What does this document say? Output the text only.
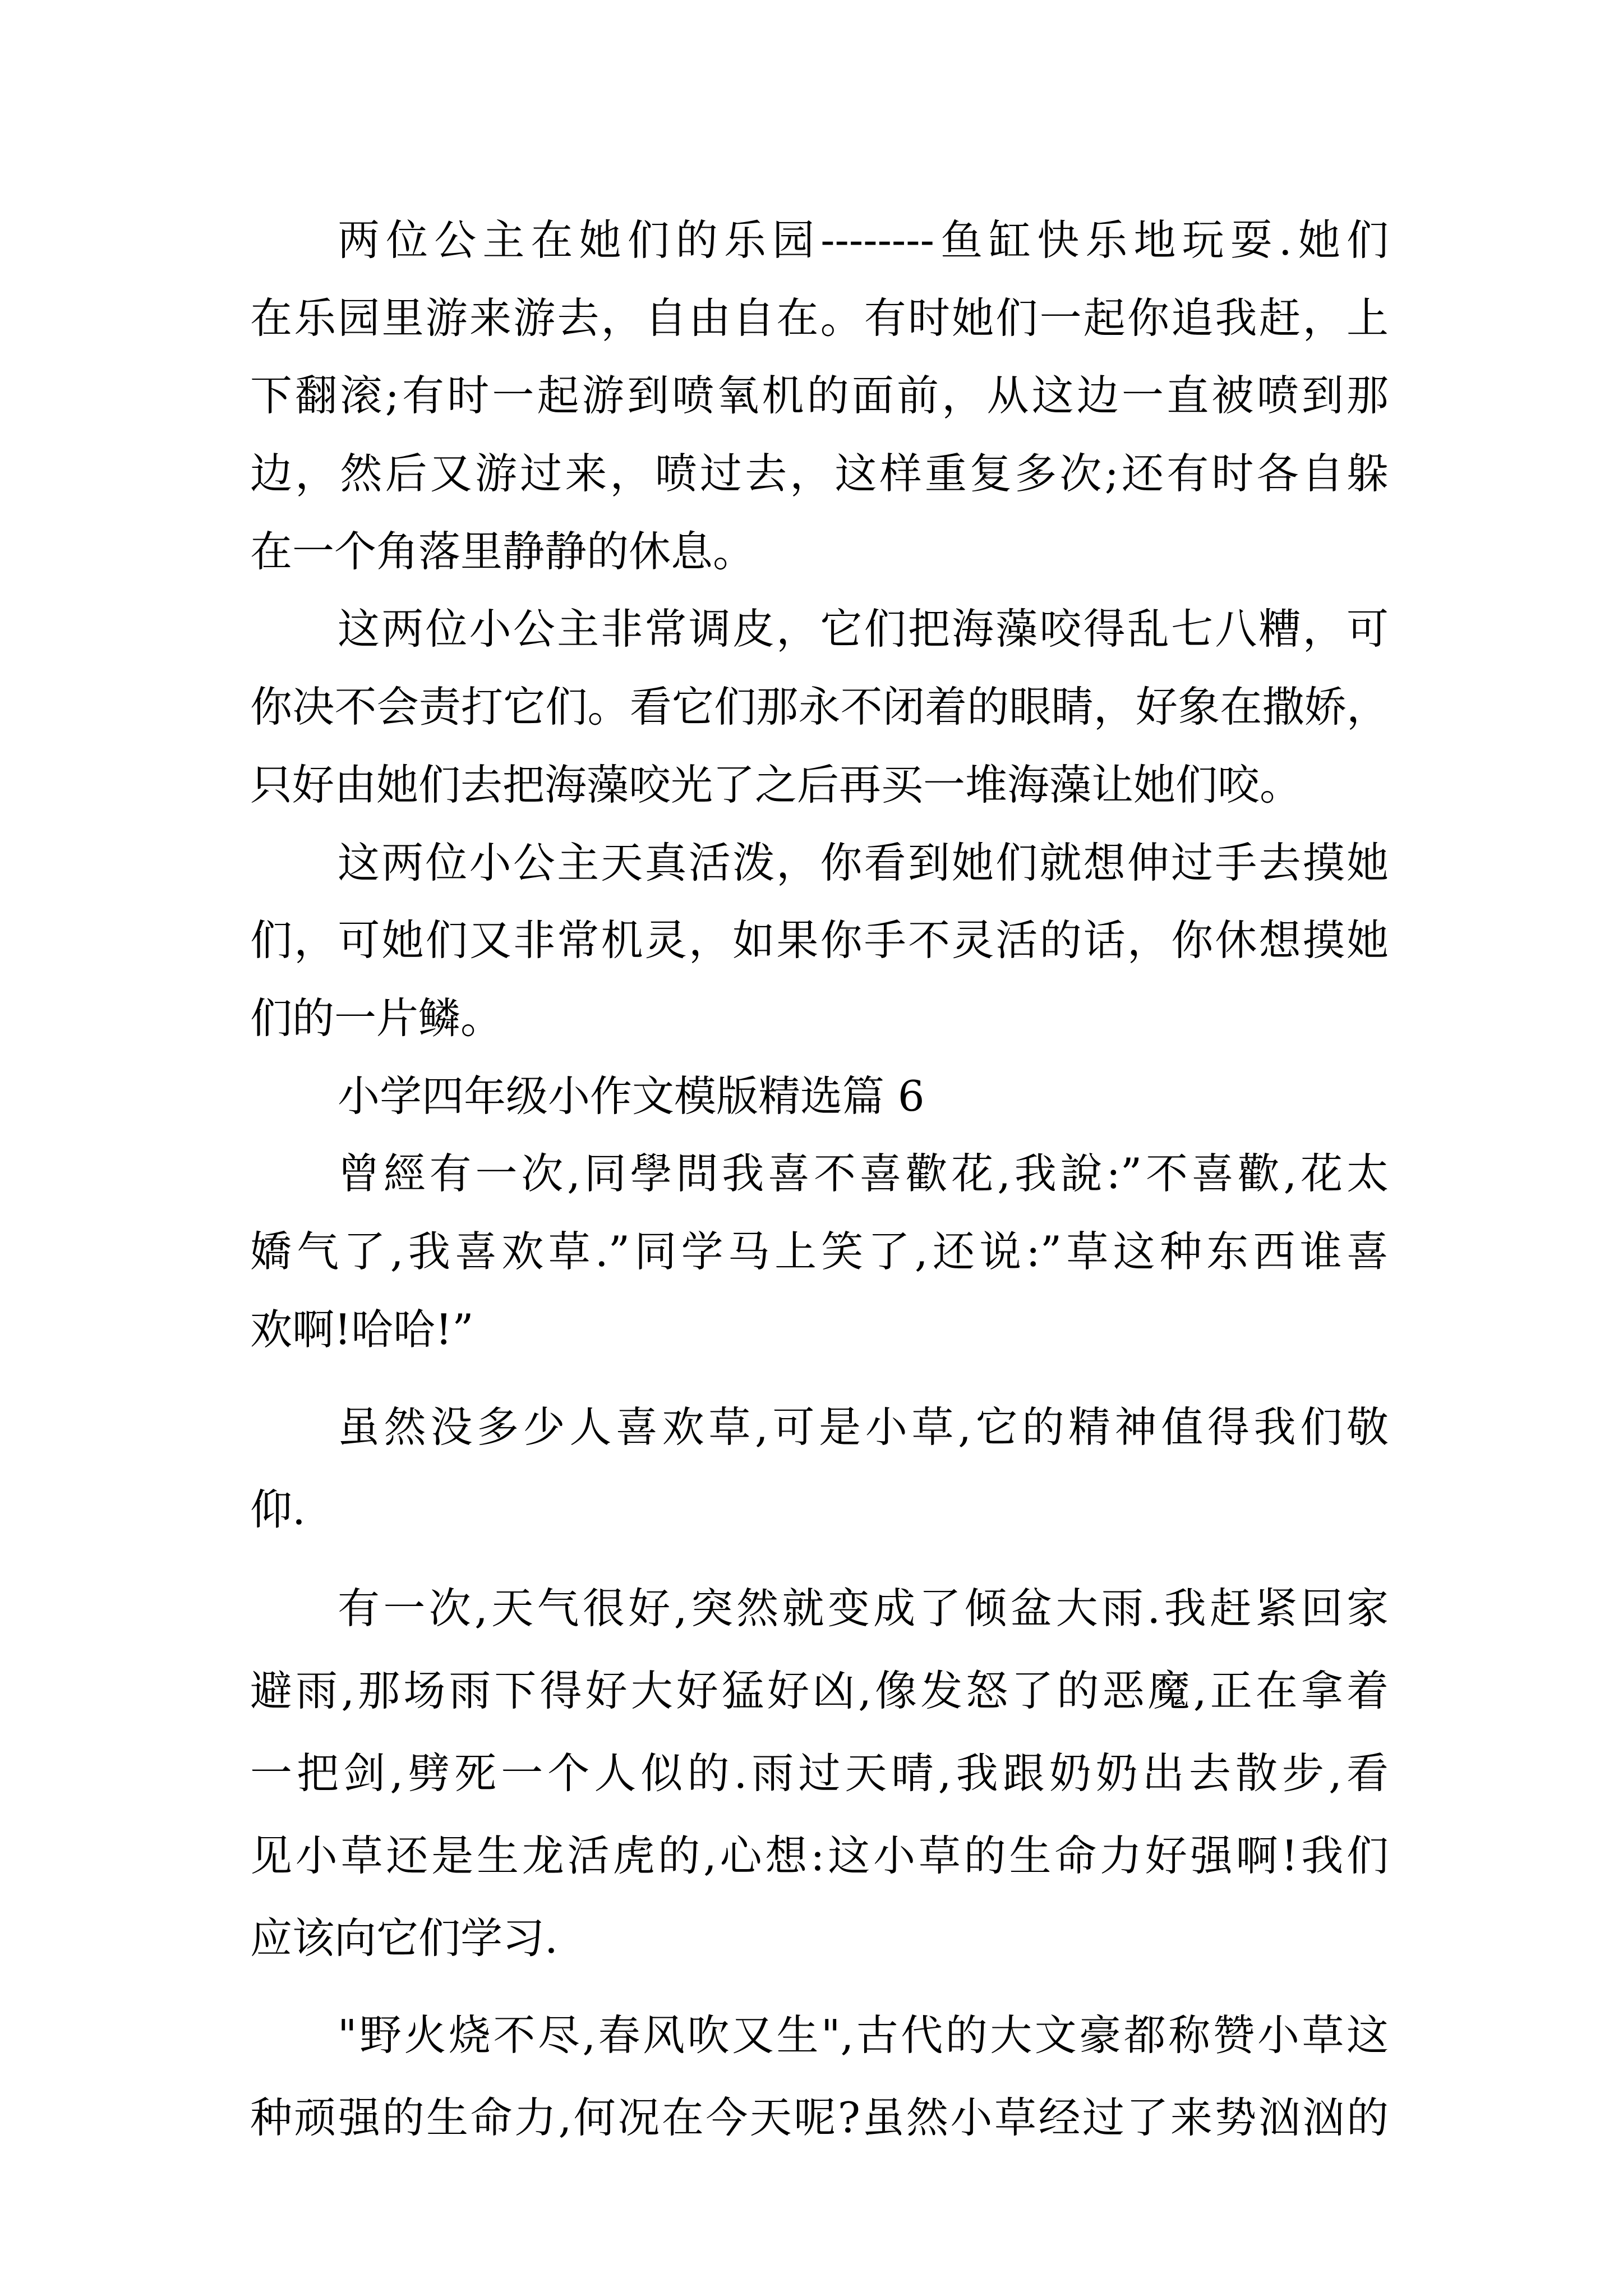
两位公主在她们的乐园--------鱼缸快乐地玩耍.她们
在乐园里游来游去，自由自在。有时她们一起你追我赶，上
下翻滚;有时一起游到喷氧机的面前，从这边一直被喷到那
边，然后又游过来，喷过去，这样重复多次;还有时各自躲
在一个角落里静静的休息。
这两位小公主非常调皮，它们把海藻咬得乱七八糟，可
你决不会责打它们。看它们那永不闭着的眼睛，好象在撒娇，
只好由她们去把海藻咬光了之后再买一堆海藻让她们咬。
这两位小公主天真活泼，你看到她们就想伸过手去摸她
们，可她们又非常机灵，如果你手不灵活的话，你休想摸她
们的一片鳞。
小学四年级小作文模版精选篇 6
曾經有一次,同學問我喜不喜歡花,我說:”不喜歡,花太
嬌气了,我喜欢草.”同学马上笑了,还说:”草这种东西谁喜
欢啊!哈哈!”
虽然没多少人喜欢草,可是小草,它的精神值得我们敬
仰.
有一次,天气很好,突然就变成了倾盆大雨.我赶紧回家
避雨,那场雨下得好大好猛好凶,像发怒了的恶魔,正在拿着
一把剑,劈死一个人似的.雨过天晴,我跟奶奶出去散步,看
见小草还是生龙活虎的,心想:这小草的生命力好强啊!我们
应该向它们学习.
"野火烧不尽,春风吹又生",古代的大文豪都称赞小草这
种顽强的生命力,何况在今天呢?虽然小草经过了来势汹汹的
